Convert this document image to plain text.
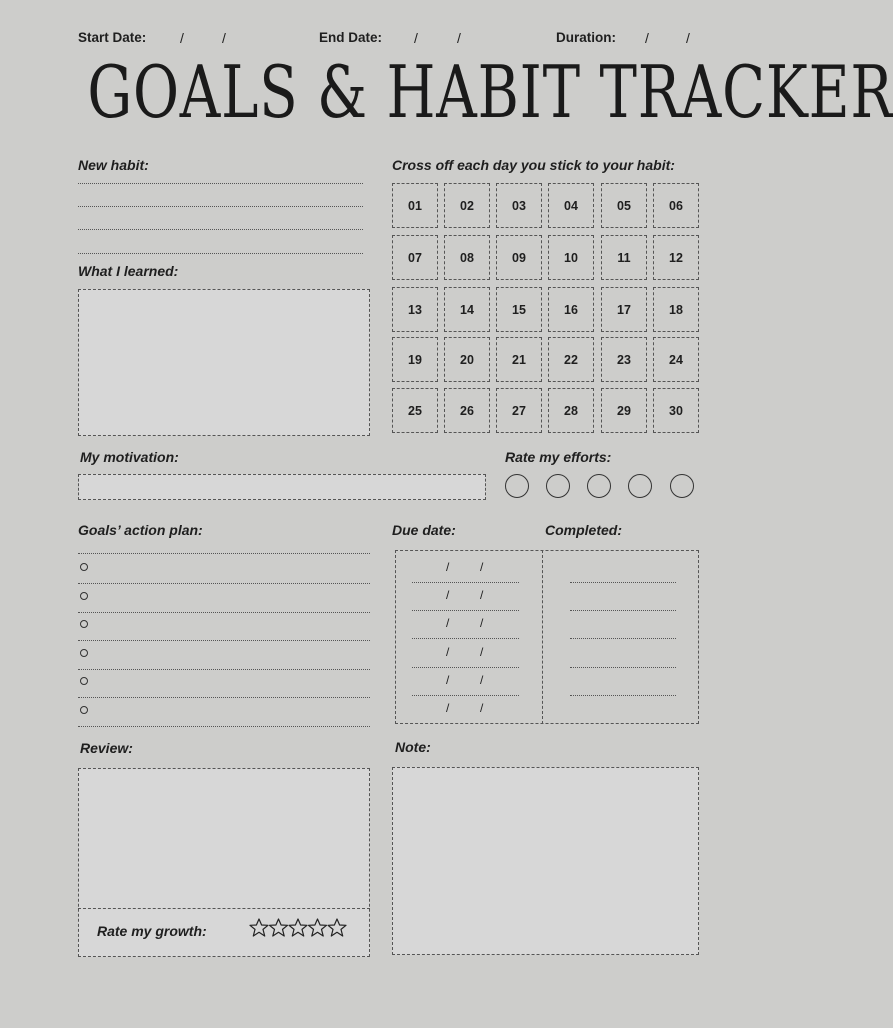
Start Date: /	/	End Date: /	/	Duration: /	/
GOALS & HABIT TRACKER
New habit:
What I learned:
Cross off each day you stick to your habit:
01	02	03	04	05	06
07	08	09	10	11	12
13	14	15	16	17	18
19	20	21	22	23	24
25	26	27	28	29	30
My motivation:	Rate my efforts:
Goals’ action plan:	Due date:	Completed:
/	/
/	/
/	/
/	/
/	/
/	/
Review:
Rate my growth:
Note:
